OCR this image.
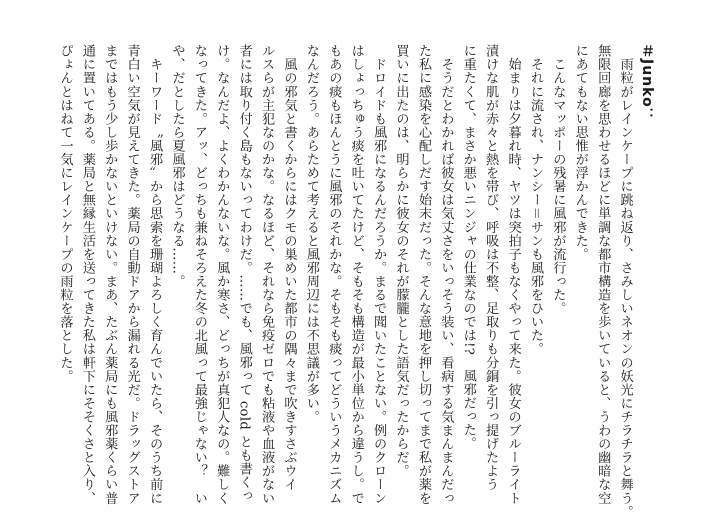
＃Junko：
　雨粒がレインケープに跳ね返り、さみしいネオンの妖光にチラチラと舞う。
無限回廊を思わせるほどに単調な都市構造を歩いていると、うわの幽暗な空
にあてもない思惟が浮かんできた。
　こんなマッポーの残暑に風邪が流行った。
　それに流され、ナンシー＝サンも風邪をひいた。
　始まりは夕暮れ時、ヤツは突拍子もなくやって来た。彼女のブルーライト
漬けな肌が赤々と熱を帯び、呼吸は不整、足取りも分銅を引っ提げたよう
に重たくて、まさか悪いニンジャの仕業なのでは!?　風邪だった。
　そうだとわかれば彼女は気丈さをいっそう装い、看病する気まんまんだっ
た私に感染を心配しだす始末だった。そんな意地を押し切ってまで私が薬を
買いに出たのは、明らかに彼女のそれが朦朧とした語気だったからだ。
　ドロイドも風邪になるんだろうか。まるで聞いたことない。例のクローン
はしょっちゅう痰を吐いてたけど、そもそも構造が最小単位から違うし。で
もあの痰もほんとうに風邪のそれかな。そもそも痰ってどういうメカニズム
なんだろう。あらためて考えると風邪周辺には不思議が多い。
　風の邪気と書くからにはクモの巣めいた都市の隅々まで吹きすさぶウイ
ルスらが主犯なのかな。なるほど、それなら免疫ゼロでも粘液や血液がない
者には取り付く島もないってわけだ。……でも、風邪って cold とも書くっ
け。なんだよ、よくわかんないな。風か寒さ、どっちが真犯人なの。難しく
なってきた。アッ、どっちも兼ねそろえた冬の北風って最強じゃない？　い
や、だとしたら夏風邪はどうなる……。
　キーワード〝風邪〟から思索を珊瑚よろしく育んでいたら、そのうち前に
青白い空気が見えてきた。薬局の自動ドアから漏れる光だ。ドラッグストア
まではもう少し歩かないといけない。まあ、たぶん薬局にも風邪薬くらい普
通に置いてある。薬局と無縁生活を送ってきた私は軒下にそそくさと入り、
ぴょんとはねて一気にレインケープの雨粒を落とした。
